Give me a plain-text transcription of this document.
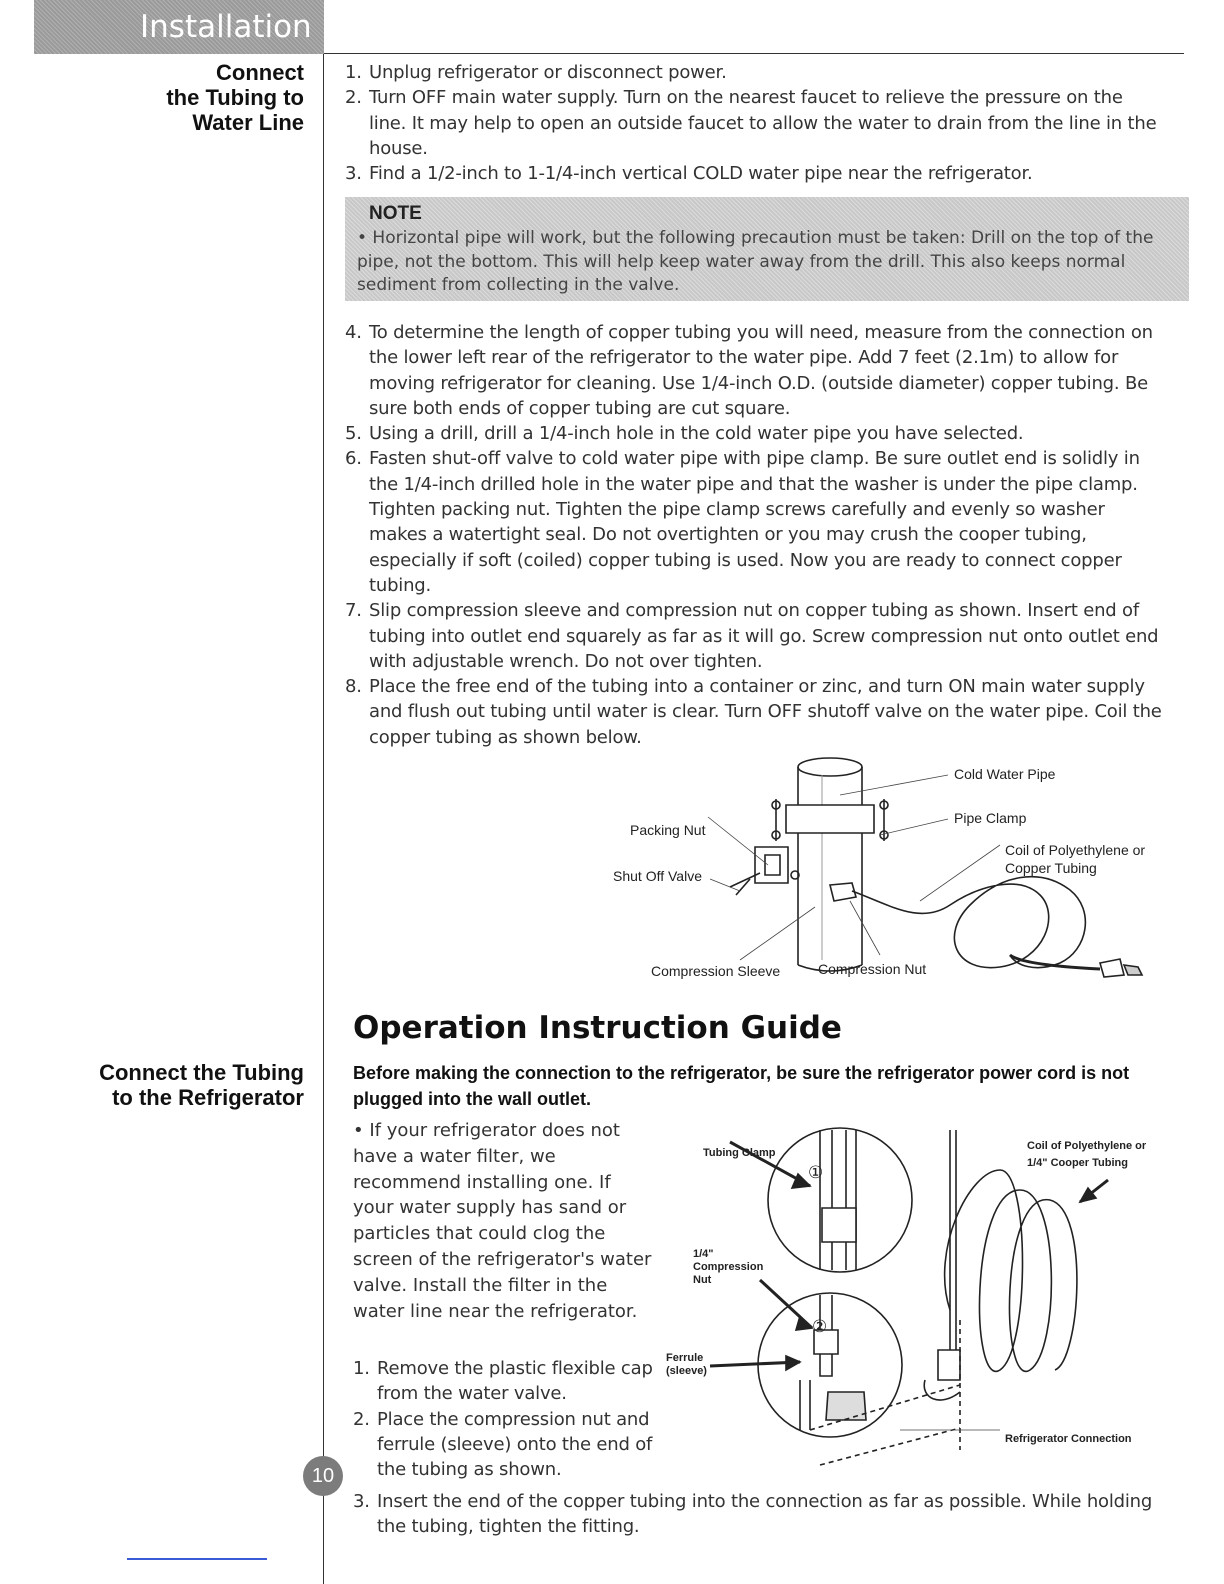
Installation
Connect
the Tubing to
Water Line
1. Unplug refrigerator or disconnect power.
2. Turn OFF main water supply. Turn on the nearest faucet to relieve the pressure on the line. It may help to open an outside faucet to allow the water to drain from the line in the house.
3. Find a 1/2-inch to 1-1/4-inch vertical COLD water pipe near the refrigerator.
NOTE
• Horizontal pipe will work, but the following precaution must be taken: Drill on the top of the pipe, not the bottom. This will help keep water away from the drill. This also keeps normal sediment from collecting in the valve.
4. To determine the length of copper tubing you will need, measure from the connection on the lower left rear of the refrigerator to the water pipe. Add 7 feet (2.1m) to allow for moving refrigerator for cleaning. Use 1/4-inch O.D. (outside diameter) copper tubing. Be sure both ends of copper tubing are cut square.
5. Using a drill, drill a 1/4-inch hole in the cold water pipe you have selected.
6. Fasten shut-off valve to cold water pipe with pipe clamp. Be sure outlet end is solidly in the 1/4-inch drilled hole in the water pipe and that the washer is under the pipe clamp. Tighten packing nut. Tighten the pipe clamp screws carefully and evenly so washer makes a watertight seal. Do not overtighten or you may crush the cooper tubing, especially if soft (coiled) copper tubing is used. Now you are ready to connect copper tubing.
7. Slip compression sleeve and compression nut on copper tubing as shown. Insert end of tubing into outlet end squarely as far as it will go. Screw compression nut onto outlet end with adjustable wrench. Do not over tighten.
8. Place the free end of the tubing into a container or zinc, and turn ON main water supply and flush out tubing until water is clear. Turn OFF shutoff valve on the water pipe. Coil the copper tubing as shown below.
Cold Water Pipe
Pipe Clamp
Packing Nut
Coil of Polyethylene or
Copper Tubing
Shut Off Valve
Compression Sleeve	Compression Nut
Operation Instruction Guide
Connect the Tubing
to the Refrigerator
Before making the connection to the refrigerator, be sure the refrigerator power cord is not plugged into the wall outlet.
• If your refrigerator does not have a water filter, we recommend installing one. If your water supply has sand or particles that could clog the screen of the refrigerator's water valve. Install the filter in the water line near the refrigerator.
1. Remove the plastic flexible cap from the water valve.
2. Place the compression nut and ferrule (sleeve) onto the end of the tubing as shown.
3. Insert the end of the copper tubing into the connection as far as possible. While holding the tubing, tighten the fitting.
Tubing Clamp
Coil of Polyethylene or
1/4" Cooper Tubing
1/4"
Compression
Nut
Ferrule
(sleeve)
Refrigerator Connection
①
②
10
